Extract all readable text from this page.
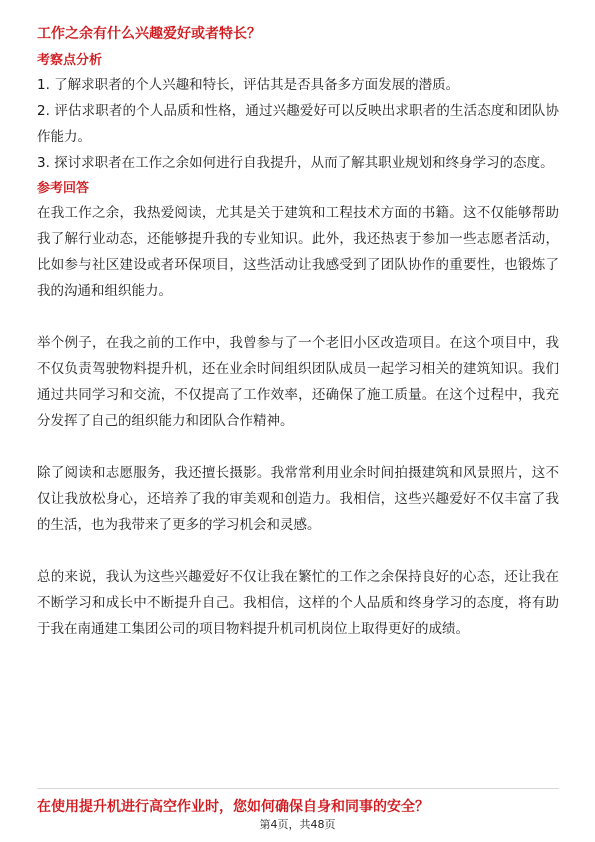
工作之余有什么兴趣爱好或者特长？
考察点分析

1. 了解求职者的个人兴趣和特长，评估其是否具备多方面发展的潜质。

2. 评估求职者的个人品质和性格，通过兴趣爱好可以反映出求职者的生活态度和团队协作能力。

3. 探讨求职者在工作之余如何进行自我提升，从而了解其职业规划和终身学习的态度。

参考回答

在我工作之余，我热爱阅读，尤其是关于建筑和工程技术方面的书籍。这不仅能够帮助我了解行业动态，还能够提升我的专业知识。此外，我还热衷于参加一些志愿者活动，比如参与社区建设或者环保项目，这些活动让我感受到了团队协作的重要性，也锻炼了我的沟通和组织能力。

举个例子，在我之前的工作中，我曾参与了一个老旧小区改造项目。在这个项目中，我不仅负责驾驶物料提升机，还在业余时间组织团队成员一起学习相关的建筑知识。我们通过共同学习和交流，不仅提高了工作效率，还确保了施工质量。在这个过程中，我充分发挥了自己的组织能力和团队合作精神。

除了阅读和志愿服务，我还擅长摄影。我常常利用业余时间拍摄建筑和风景照片，这不仅让我放松身心，还培养了我的审美观和创造力。我相信，这些兴趣爱好不仅丰富了我的生活，也为我带来了更多的学习机会和灵感。

总的来说，我认为这些兴趣爱好不仅让我在繁忙的工作之余保持良好的心态，还让我在不断学习和成长中不断提升自己。我相信，这样的个人品质和终身学习的态度，将有助于我在南通建工集团公司的项目物料提升机司机岗位上取得更好的成绩。

在使用提升机进行高空作业时，您如何确保自身和同事的安全？
第4页，共48页
